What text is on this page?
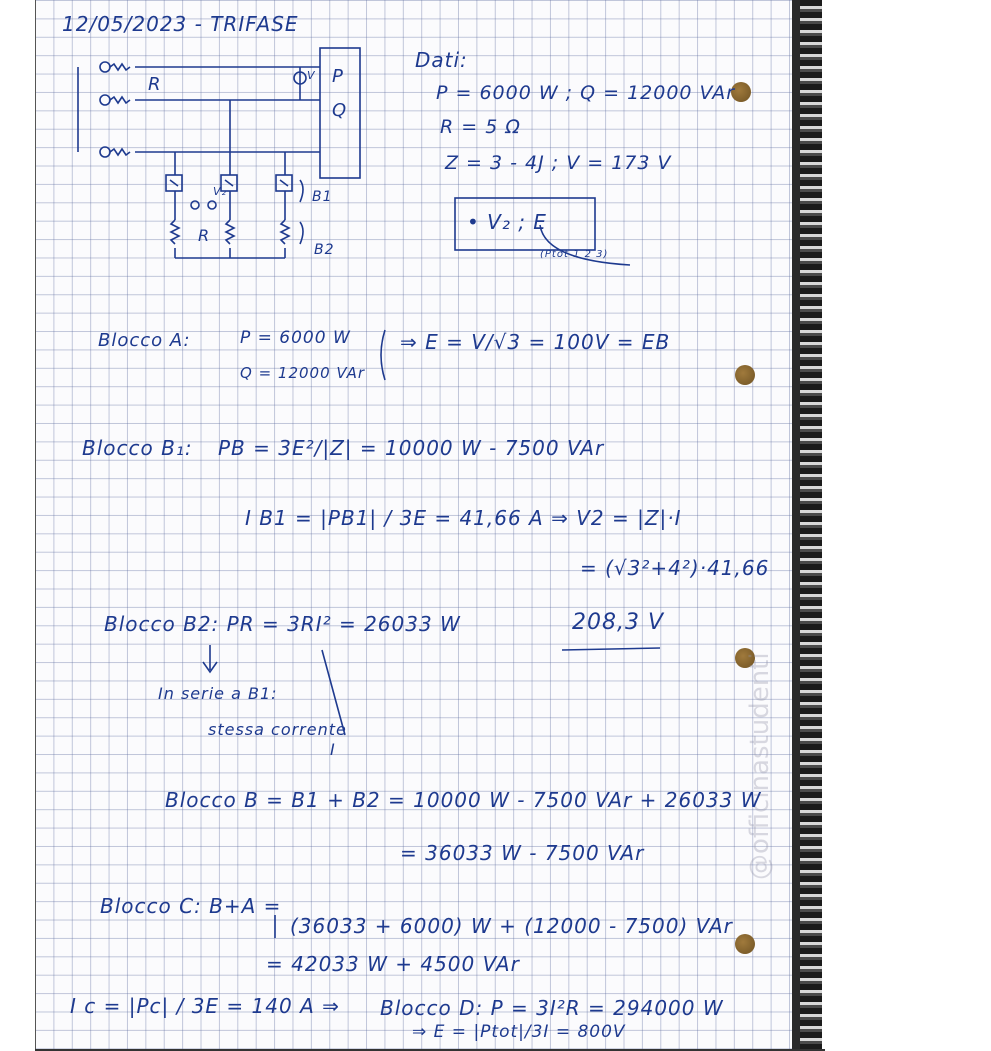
@officinastudenti
12/05/2023 - TRIFASE
R	P
Q
V
R
V₂	B1
B2
Dati:
P = 6000 W ; Q = 12000 VAr
R = 5 Ω
Z = 3 - 4J ; V = 173 V
• V₂ ; E
(Ptot 1 2 3)
Blocco A:	P = 6000 W
Q = 12000 VAr
⇒ E = V/√3 = 100V = EB
Blocco B₁: PB = 3E²/|Z| = 10000 W - 7500 VAr
I B1 = |PB1| / 3E = 41,66 A ⇒ V2 = |Z|·I
= (√3²+4²)·41,66
208,3 V
Blocco B2: PR = 3RI² = 26033 W
In serie a B1:
stessa corrente
I
Blocco B = B1 + B2 = 10000 W - 7500 VAr + 26033 W
= 36033 W - 7500 VAr
Blocco C: B+A =
(36033 + 6000) W + (12000 - 7500) VAr
= 42033 W + 4500 VAr
I c = |Pc| / 3E = 140 A ⇒ Blocco D: P = 3I²R = 294000 W
⇒ E = |Ptot|/3I = 800V
